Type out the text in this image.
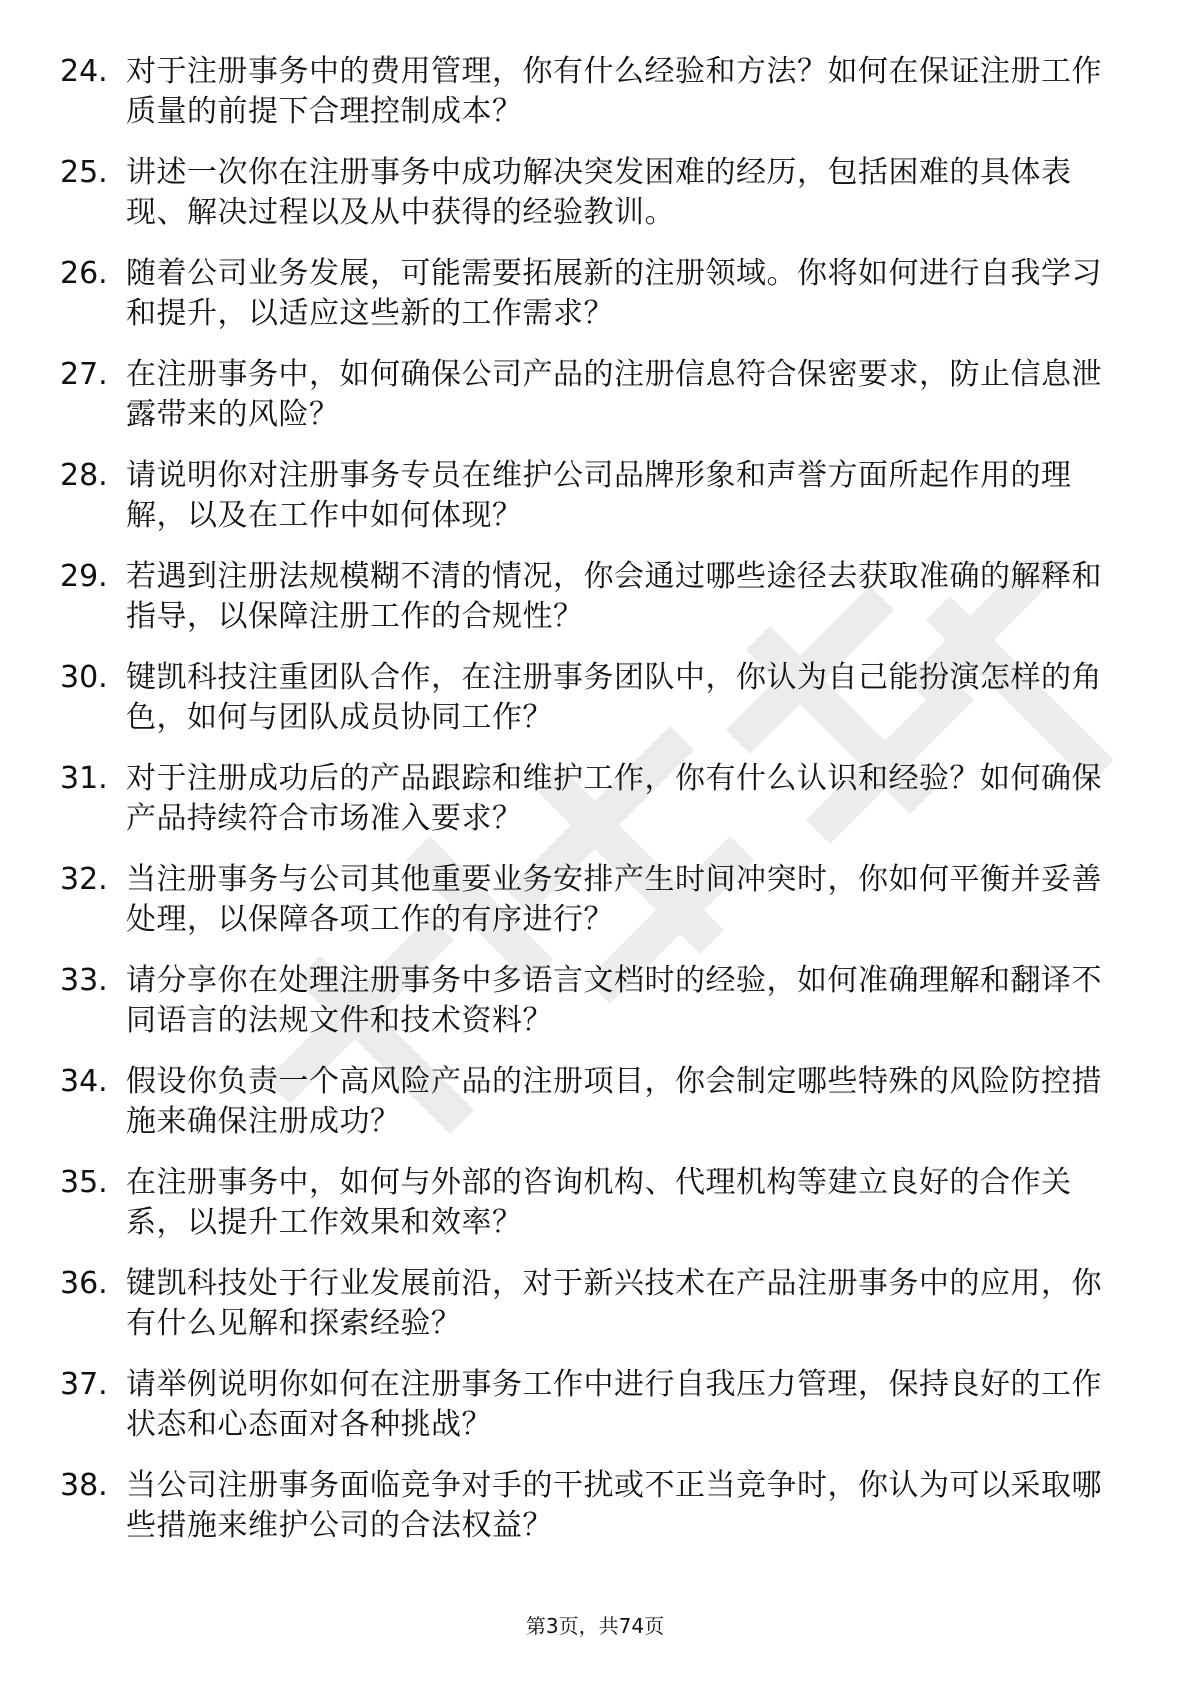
24. 对于注册事务中的费用管理，你有什么经验和方法？如何在保证注册工作质量的前提下合理控制成本？
25. 讲述一次你在注册事务中成功解决突发困难的经历，包括困难的具体表现、解决过程以及从中获得的经验教训。
26. 随着公司业务发展，可能需要拓展新的注册领域。你将如何进行自我学习和提升，以适应这些新的工作需求？
27. 在注册事务中，如何确保公司产品的注册信息符合保密要求，防止信息泄露带来的风险？
28. 请说明你对注册事务专员在维护公司品牌形象和声誉方面所起作用的理解，以及在工作中如何体现？
29. 若遇到注册法规模糊不清的情况，你会通过哪些途径去获取准确的解释和指导，以保障注册工作的合规性？
30. 键凯科技注重团队合作，在注册事务团队中，你认为自己能扮演怎样的角色，如何与团队成员协同工作？
31. 对于注册成功后的产品跟踪和维护工作，你有什么认识和经验？如何确保产品持续符合市场准入要求？
32. 当注册事务与公司其他重要业务安排产生时间冲突时，你如何平衡并妥善处理，以保障各项工作的有序进行？
33. 请分享你在处理注册事务中多语言文档时的经验，如何准确理解和翻译不同语言的法规文件和技术资料？
34. 假设你负责一个高风险产品的注册项目，你会制定哪些特殊的风险防控措施来确保注册成功？
35. 在注册事务中，如何与外部的咨询机构、代理机构等建立良好的合作关系，以提升工作效果和效率？
36. 键凯科技处于行业发展前沿，对于新兴技术在产品注册事务中的应用，你有什么见解和探索经验？
37. 请举例说明你如何在注册事务工作中进行自我压力管理，保持良好的工作状态和心态面对各种挑战？
38. 当公司注册事务面临竞争对手的干扰或不正当竞争时，你认为可以采取哪些措施来维护公司的合法权益？
第3页，共74页
